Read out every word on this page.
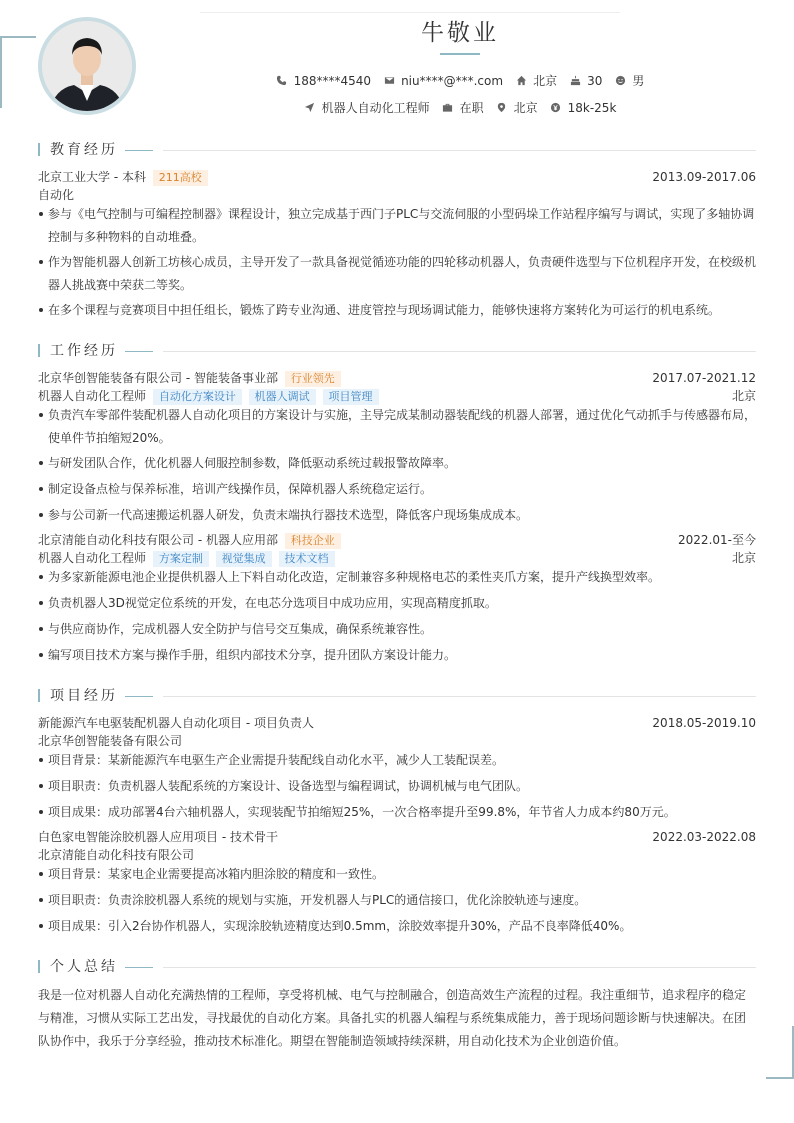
牛敬业
188****4540	niu****@***.com	北京	30	男
机器人自动化工程师	在职	北京	18k-25k
教育经历
北京工业大学 - 本科 211高校	2013.09-2017.06
自动化
参与《电气控制与可编程控制器》课程设计，独立完成基于西门子PLC与交流伺服的小型码垛工作站程序编写与调试，实现了多轴协调控制与多种物料的自动堆叠。
作为智能机器人创新工坊核心成员，主导开发了一款具备视觉循迹功能的四轮移动机器人，负责硬件选型与下位机程序开发，在校级机器人挑战赛中荣获二等奖。
在多个课程与竞赛项目中担任组长，锻炼了跨专业沟通、进度管控与现场调试能力，能够快速将方案转化为可运行的机电系统。
工作经历
北京华创智能装备有限公司 - 智能装备事业部 行业领先	2017.07-2021.12
机器人自动化工程师 自动化方案设计 机器人调试 项目管理	北京
负责汽车零部件装配机器人自动化项目的方案设计与实施，主导完成某制动器装配线的机器人部署，通过优化气动抓手与传感器布局，使单件节拍缩短20%。
与研发团队合作，优化机器人伺服控制参数，降低驱动系统过载报警故障率。
制定设备点检与保养标准，培训产线操作员，保障机器人系统稳定运行。
参与公司新一代高速搬运机器人研发，负责末端执行器技术选型，降低客户现场集成成本。
北京清能自动化科技有限公司 - 机器人应用部 科技企业	2022.01-至今
机器人自动化工程师 方案定制 视觉集成 技术文档	北京
为多家新能源电池企业提供机器人上下料自动化改造，定制兼容多种规格电芯的柔性夹爪方案，提升产线换型效率。
负责机器人3D视觉定位系统的开发，在电芯分选项目中成功应用，实现高精度抓取。
与供应商协作，完成机器人安全防护与信号交互集成，确保系统兼容性。
编写项目技术方案与操作手册，组织内部技术分享，提升团队方案设计能力。
项目经历
新能源汽车电驱装配机器人自动化项目 - 项目负责人	2018.05-2019.10
北京华创智能装备有限公司
项目背景：某新能源汽车电驱生产企业需提升装配线自动化水平，减少人工装配误差。
项目职责：负责机器人装配系统的方案设计、设备选型与编程调试，协调机械与电气团队。
项目成果：成功部署4台六轴机器人，实现装配节拍缩短25%，一次合格率提升至99.8%，年节省人力成本约80万元。
白色家电智能涂胶机器人应用项目 - 技术骨干	2022.03-2022.08
北京清能自动化科技有限公司
项目背景：某家电企业需要提高冰箱内胆涂胶的精度和一致性。
项目职责：负责涂胶机器人系统的规划与实施，开发机器人与PLC的通信接口，优化涂胶轨迹与速度。
项目成果：引入2台协作机器人，实现涂胶轨迹精度达到0.5mm，涂胶效率提升30%，产品不良率降低40%。
个人总结
我是一位对机器人自动化充满热情的工程师，享受将机械、电气与控制融合，创造高效生产流程的过程。我注重细节，追求程序的稳定与精准，习惯从实际工艺出发，寻找最优的自动化方案。具备扎实的机器人编程与系统集成能力，善于现场问题诊断与快速解决。在团队协作中，我乐于分享经验，推动技术标准化。期望在智能制造领域持续深耕，用自动化技术为企业创造价值。
